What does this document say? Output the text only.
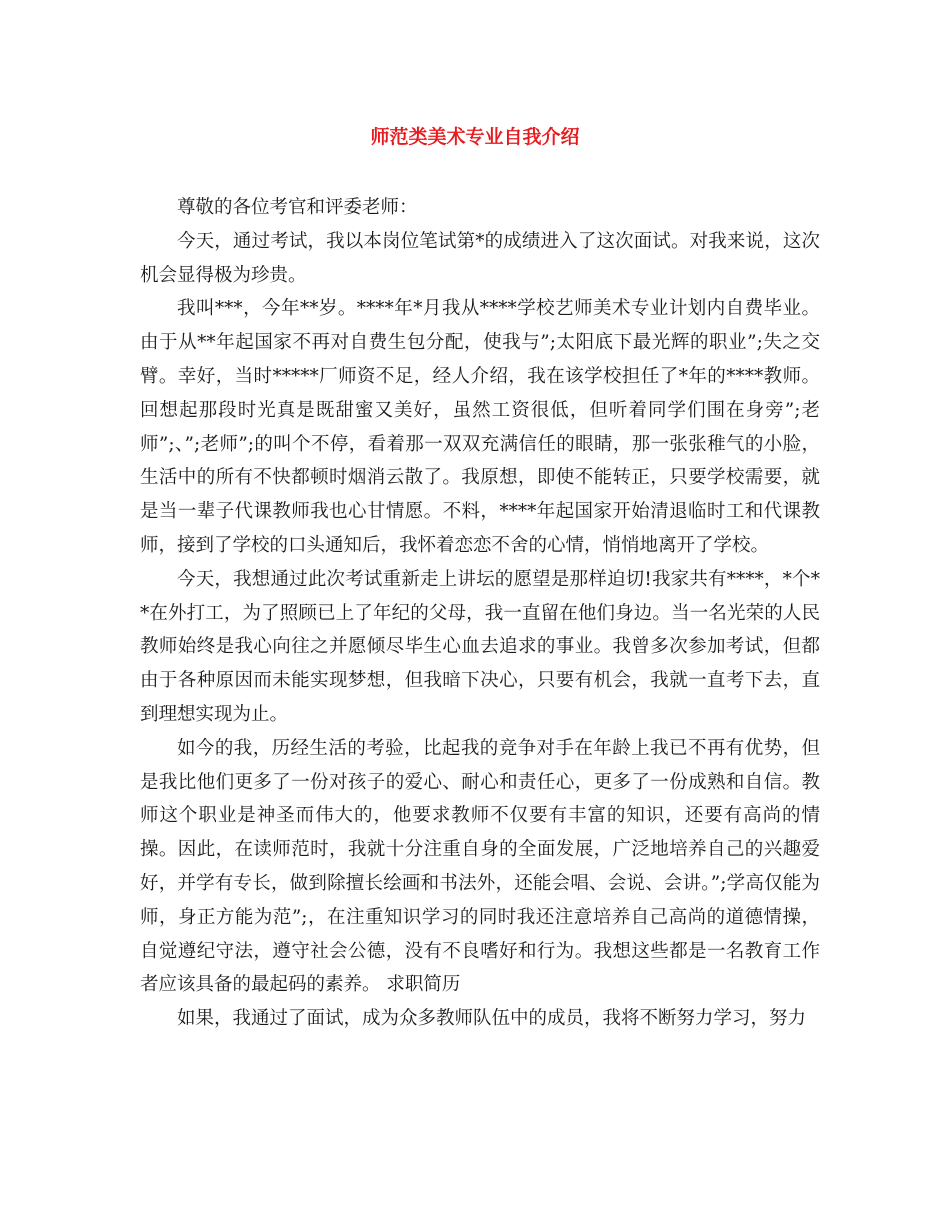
师范类美术专业自我介绍

尊敬的各位考官和评委老师：

今天，通过考试，我以本岗位笔试第*的成绩进入了这次面试。对我来说，这次机会显得极为珍贵。

我叫***，今年**岁。****年*月我从****学校艺师美术专业计划内自费毕业。由于从**年起国家不再对自费生包分配，使我与”;太阳底下最光辉的职业”;失之交臂。幸好，当时*****厂师资不足，经人介绍，我在该学校担任了*年的****教师。回想起那段时光真是既甜蜜又美好，虽然工资很低，但听着同学们围在身旁”;老师”;、”;老师”;的叫个不停，看着那一双双充满信任的眼睛，那一张张稚气的小脸，生活中的所有不快都顿时烟消云散了。我原想，即使不能转正，只要学校需要，就是当一辈子代课教师我也心甘情愿。不料，****年起国家开始清退临时工和代课教师，接到了学校的口头通知后，我怀着恋恋不舍的心情，悄悄地离开了学校。

今天，我想通过此次考试重新走上讲坛的愿望是那样迫切!我家共有****，*个**在外打工，为了照顾已上了年纪的父母，我一直留在他们身边。当一名光荣的人民教师始终是我心向往之并愿倾尽毕生心血去追求的事业。我曾多次参加考试，但都由于各种原因而未能实现梦想，但我暗下决心，只要有机会，我就一直考下去，直到理想实现为止。

如今的我，历经生活的考验，比起我的竞争对手在年龄上我已不再有优势，但是我比他们更多了一份对孩子的爱心、耐心和责任心，更多了一份成熟和自信。教师这个职业是神圣而伟大的，他要求教师不仅要有丰富的知识，还要有高尚的情操。因此，在读师范时，我就十分注重自身的全面发展，广泛地培养自己的兴趣爱好，并学有专长，做到除擅长绘画和书法外，还能会唱、会说、会讲。”;学高仅能为师，身正方能为范”;，在注重知识学习的同时我还注意培养自己高尚的道德情操，自觉遵纪守法，遵守社会公德，没有不良嗜好和行为。我想这些都是一名教育工作者应该具备的最起码的素养。 求职简历

如果，我通过了面试，成为众多教师队伍中的成员，我将不断努力学习，努力
